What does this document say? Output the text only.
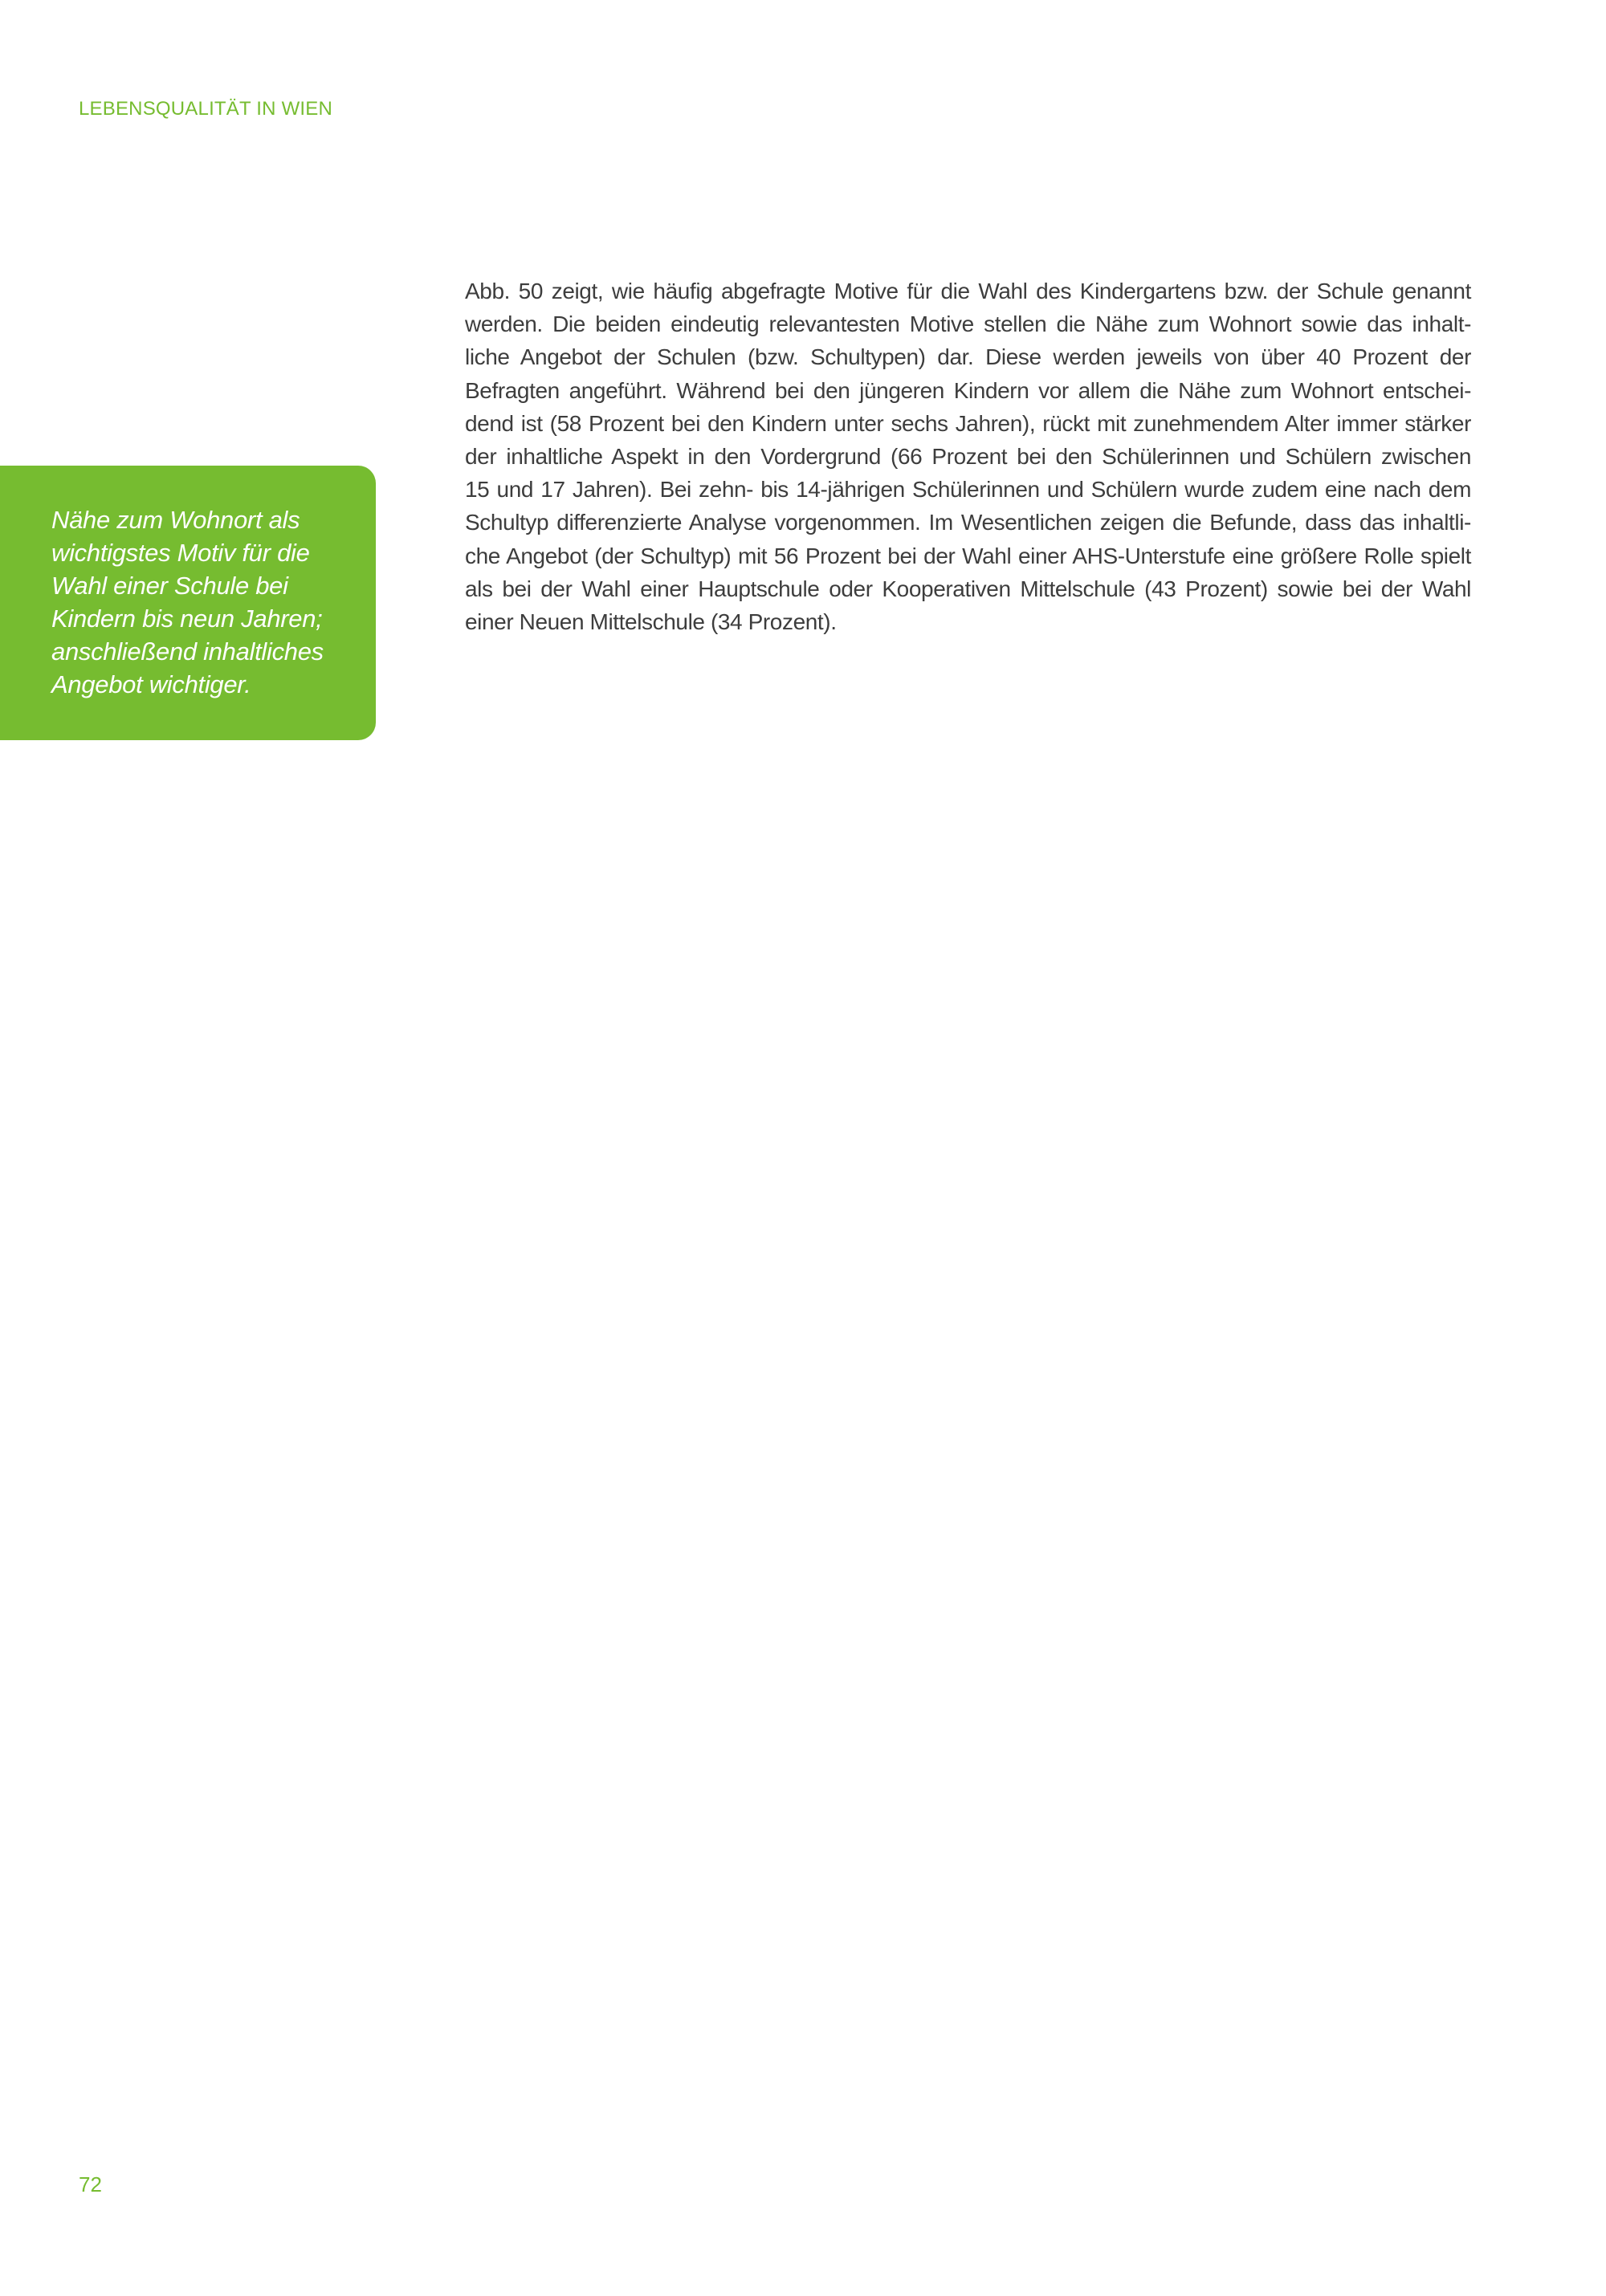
LEBENSQUALITÄT IN WIEN

Nähe zum Wohnort als
wichtigstes Motiv für die
Wahl einer Schule bei
Kindern bis neun Jahren;
anschließend inhaltliches
Angebot wichtiger.

Abb. 50 zeigt, wie häufig abgefragte Motive für die Wahl des Kindergartens bzw. der Schule genannt
werden. Die beiden eindeutig relevantesten Motive stellen die Nähe zum Wohnort sowie das inhalt-
liche Angebot der Schulen (bzw. Schultypen) dar. Diese werden jeweils von über 40 Prozent der
Befragten angeführt. Während bei den jüngeren Kindern vor allem die Nähe zum Wohnort entschei-
dend ist (58 Prozent bei den Kindern unter sechs Jahren), rückt mit zunehmendem Alter immer stärker
der inhaltliche Aspekt in den Vordergrund (66 Prozent bei den Schülerinnen und Schülern zwischen
15 und 17 Jahren). Bei zehn- bis 14-jährigen Schülerinnen und Schülern wurde zudem eine nach dem
Schultyp differenzierte Analyse vorgenommen. Im Wesentlichen zeigen die Befunde, dass das inhaltli-
che Angebot (der Schultyp) mit 56 Prozent bei der Wahl einer AHS-Unterstufe eine größere Rolle spielt
als bei der Wahl einer Hauptschule oder Kooperativen Mittelschule (43 Prozent) sowie bei der Wahl
einer Neuen Mittelschule (34 Prozent).
72
